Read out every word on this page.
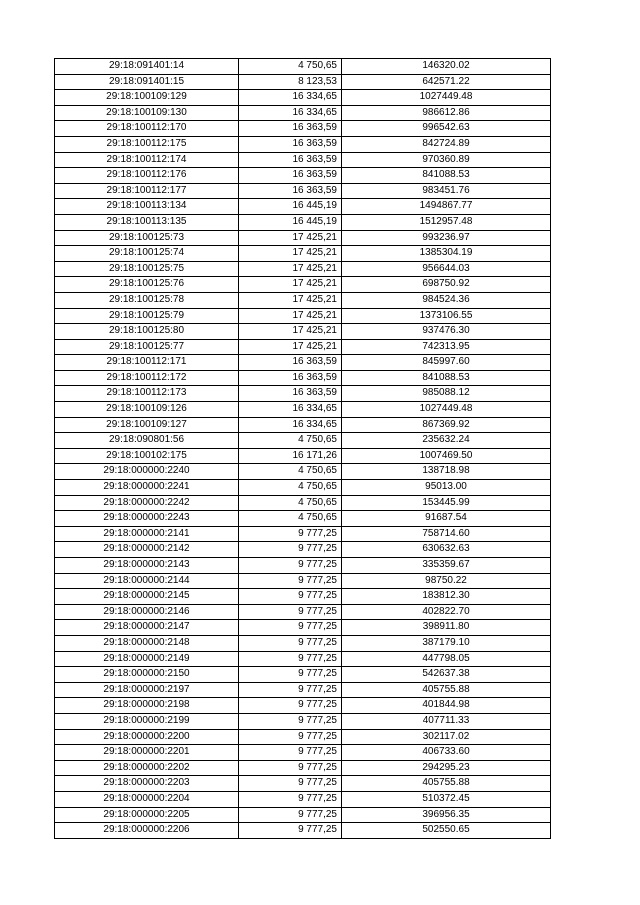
29:18:091401:14	4 750,65	146320.02
29:18:091401:15	8 123,53	642571.22
29:18:100109:129	16 334,65	1027449.48
29:18:100109:130	16 334,65	986612.86
29:18:100112:170	16 363,59	996542.63
29:18:100112:175	16 363,59	842724.89
29:18:100112:174	16 363,59	970360.89
29:18:100112:176	16 363,59	841088.53
29:18:100112:177	16 363,59	983451.76
29:18:100113:134	16 445,19	1494867.77
29:18:100113:135	16 445,19	1512957.48
29:18:100125:73	17 425,21	993236.97
29:18:100125:74	17 425,21	1385304.19
29:18:100125:75	17 425,21	956644.03
29:18:100125:76	17 425,21	698750.92
29:18:100125:78	17 425,21	984524.36
29:18:100125:79	17 425,21	1373106.55
29:18:100125:80	17 425,21	937476.30
29:18:100125:77	17 425,21	742313.95
29:18:100112:171	16 363,59	845997.60
29:18:100112:172	16 363,59	841088.53
29:18:100112:173	16 363,59	985088.12
29:18:100109:126	16 334,65	1027449.48
29:18:100109:127	16 334,65	867369.92
29:18:090801:56	4 750,65	235632.24
29:18:100102:175	16 171,26	1007469.50
29:18:000000:2240	4 750,65	138718.98
29:18:000000:2241	4 750,65	95013.00
29:18:000000:2242	4 750,65	153445.99
29:18:000000:2243	4 750,65	91687.54
29:18:000000:2141	9 777,25	758714.60
29:18:000000:2142	9 777,25	630632.63
29:18:000000:2143	9 777,25	335359.67
29:18:000000:2144	9 777,25	98750.22
29:18:000000:2145	9 777,25	183812.30
29:18:000000:2146	9 777,25	402822.70
29:18:000000:2147	9 777,25	398911.80
29:18:000000:2148	9 777,25	387179.10
29:18:000000:2149	9 777,25	447798.05
29:18:000000:2150	9 777,25	542637.38
29:18:000000:2197	9 777,25	405755.88
29:18:000000:2198	9 777,25	401844.98
29:18:000000:2199	9 777,25	407711.33
29:18:000000:2200	9 777,25	302117.02
29:18:000000:2201	9 777,25	406733.60
29:18:000000:2202	9 777,25	294295.23
29:18:000000:2203	9 777,25	405755.88
29:18:000000:2204	9 777,25	510372.45
29:18:000000:2205	9 777,25	396956.35
29:18:000000:2206	9 777,25	502550.65
